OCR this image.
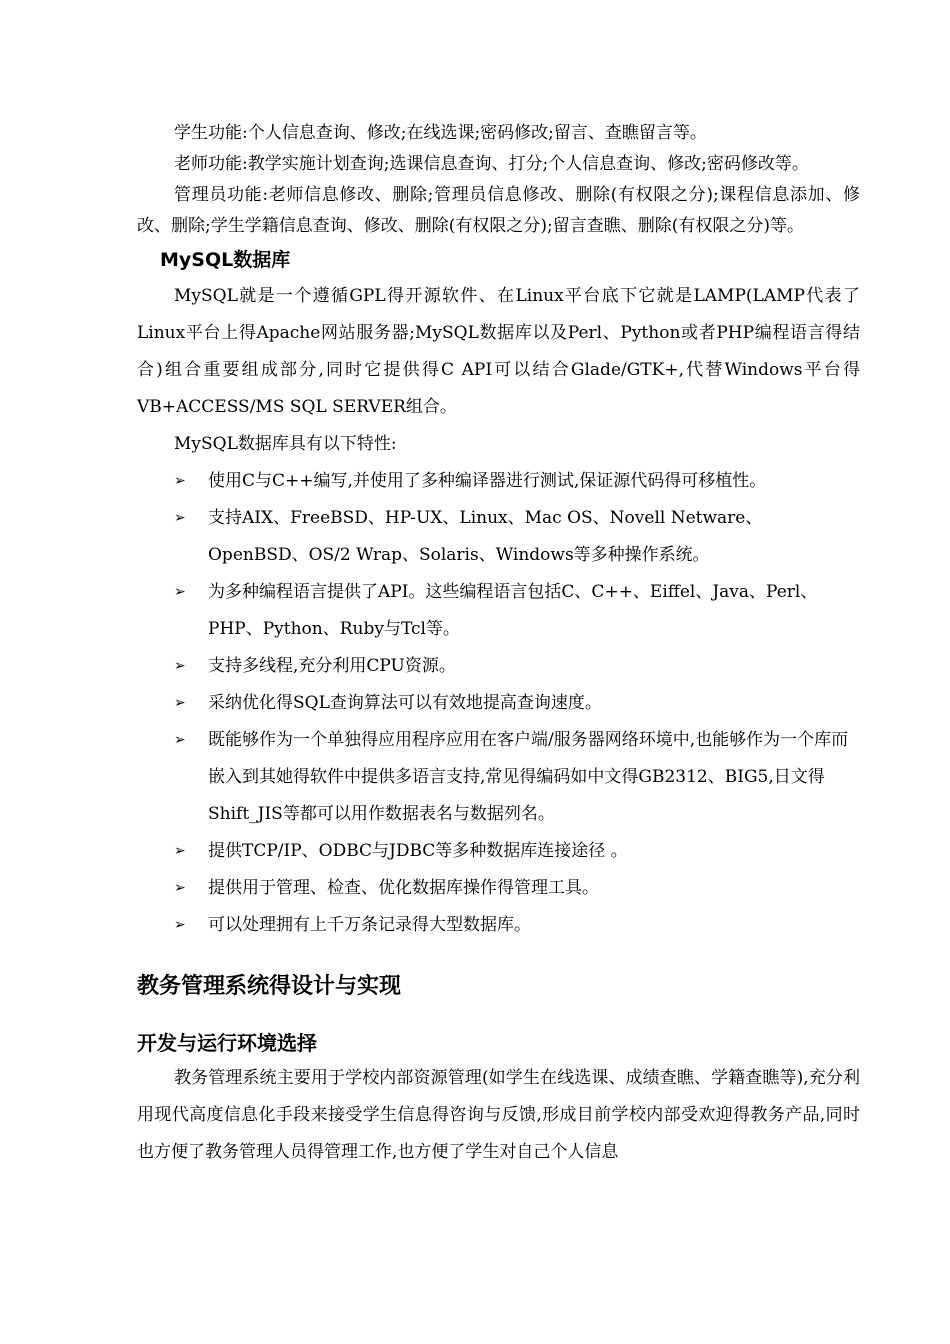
学生功能:个人信息查询、修改;在线选课;密码修改;留言、查瞧留言等。

老师功能:教学实施计划查询;选课信息查询、打分;个人信息查询、修改;密码修改等。

管理员功能:老师信息修改、删除;管理员信息修改、删除(有权限之分);课程信息添加、修改、删除;学生学籍信息查询、修改、删除(有权限之分);留言查瞧、删除(有权限之分)等。

MySQL数据库

MySQL就是一个遵循GPL得开源软件、在Linux平台底下它就是LAMP(LAMP代表了Linux平台上得Apache网站服务器;MySQL数据库以及Perl、Python或者PHP编程语言得结合)组合重要组成部分,同时它提供得C API可以结合Glade/GTK+,代替Windows平台得VB+ACCESS/MS SQL SERVER组合。

MySQL数据库具有以下特性:

➢ 使用C与C++编写,并使用了多种编译器进行测试,保证源代码得可移植性。
➢ 支持AIX、FreeBSD、HP-UX、Linux、Mac OS、Novell Netware、OpenBSD、OS/2 Wrap、Solaris、Windows等多种操作系统。
➢ 为多种编程语言提供了API。这些编程语言包括C、C++、Eiffel、Java、Perl、PHP、Python、Ruby与Tcl等。
➢ 支持多线程,充分利用CPU资源。
➢ 采纳优化得SQL查询算法可以有效地提高查询速度。
➢ 既能够作为一个单独得应用程序应用在客户端/服务器网络环境中,也能够作为一个库而嵌入到其她得软件中提供多语言支持,常见得编码如中文得GB2312、BIG5,日文得Shift_JIS等都可以用作数据表名与数据列名。
➢ 提供TCP/IP、ODBC与JDBC等多种数据库连接途径 。
➢ 提供用于管理、检查、优化数据库操作得管理工具。
➢ 可以处理拥有上千万条记录得大型数据库。
教务管理系统得设计与实现
开发与运行环境选择

教务管理系统主要用于学校内部资源管理(如学生在线选课、成绩查瞧、学籍查瞧等),充分利用现代高度信息化手段来接受学生信息得咨询与反馈,形成目前学校内部受欢迎得教务产品,同时也方便了教务管理人员得管理工作,也方便了学生对自己个人信息
